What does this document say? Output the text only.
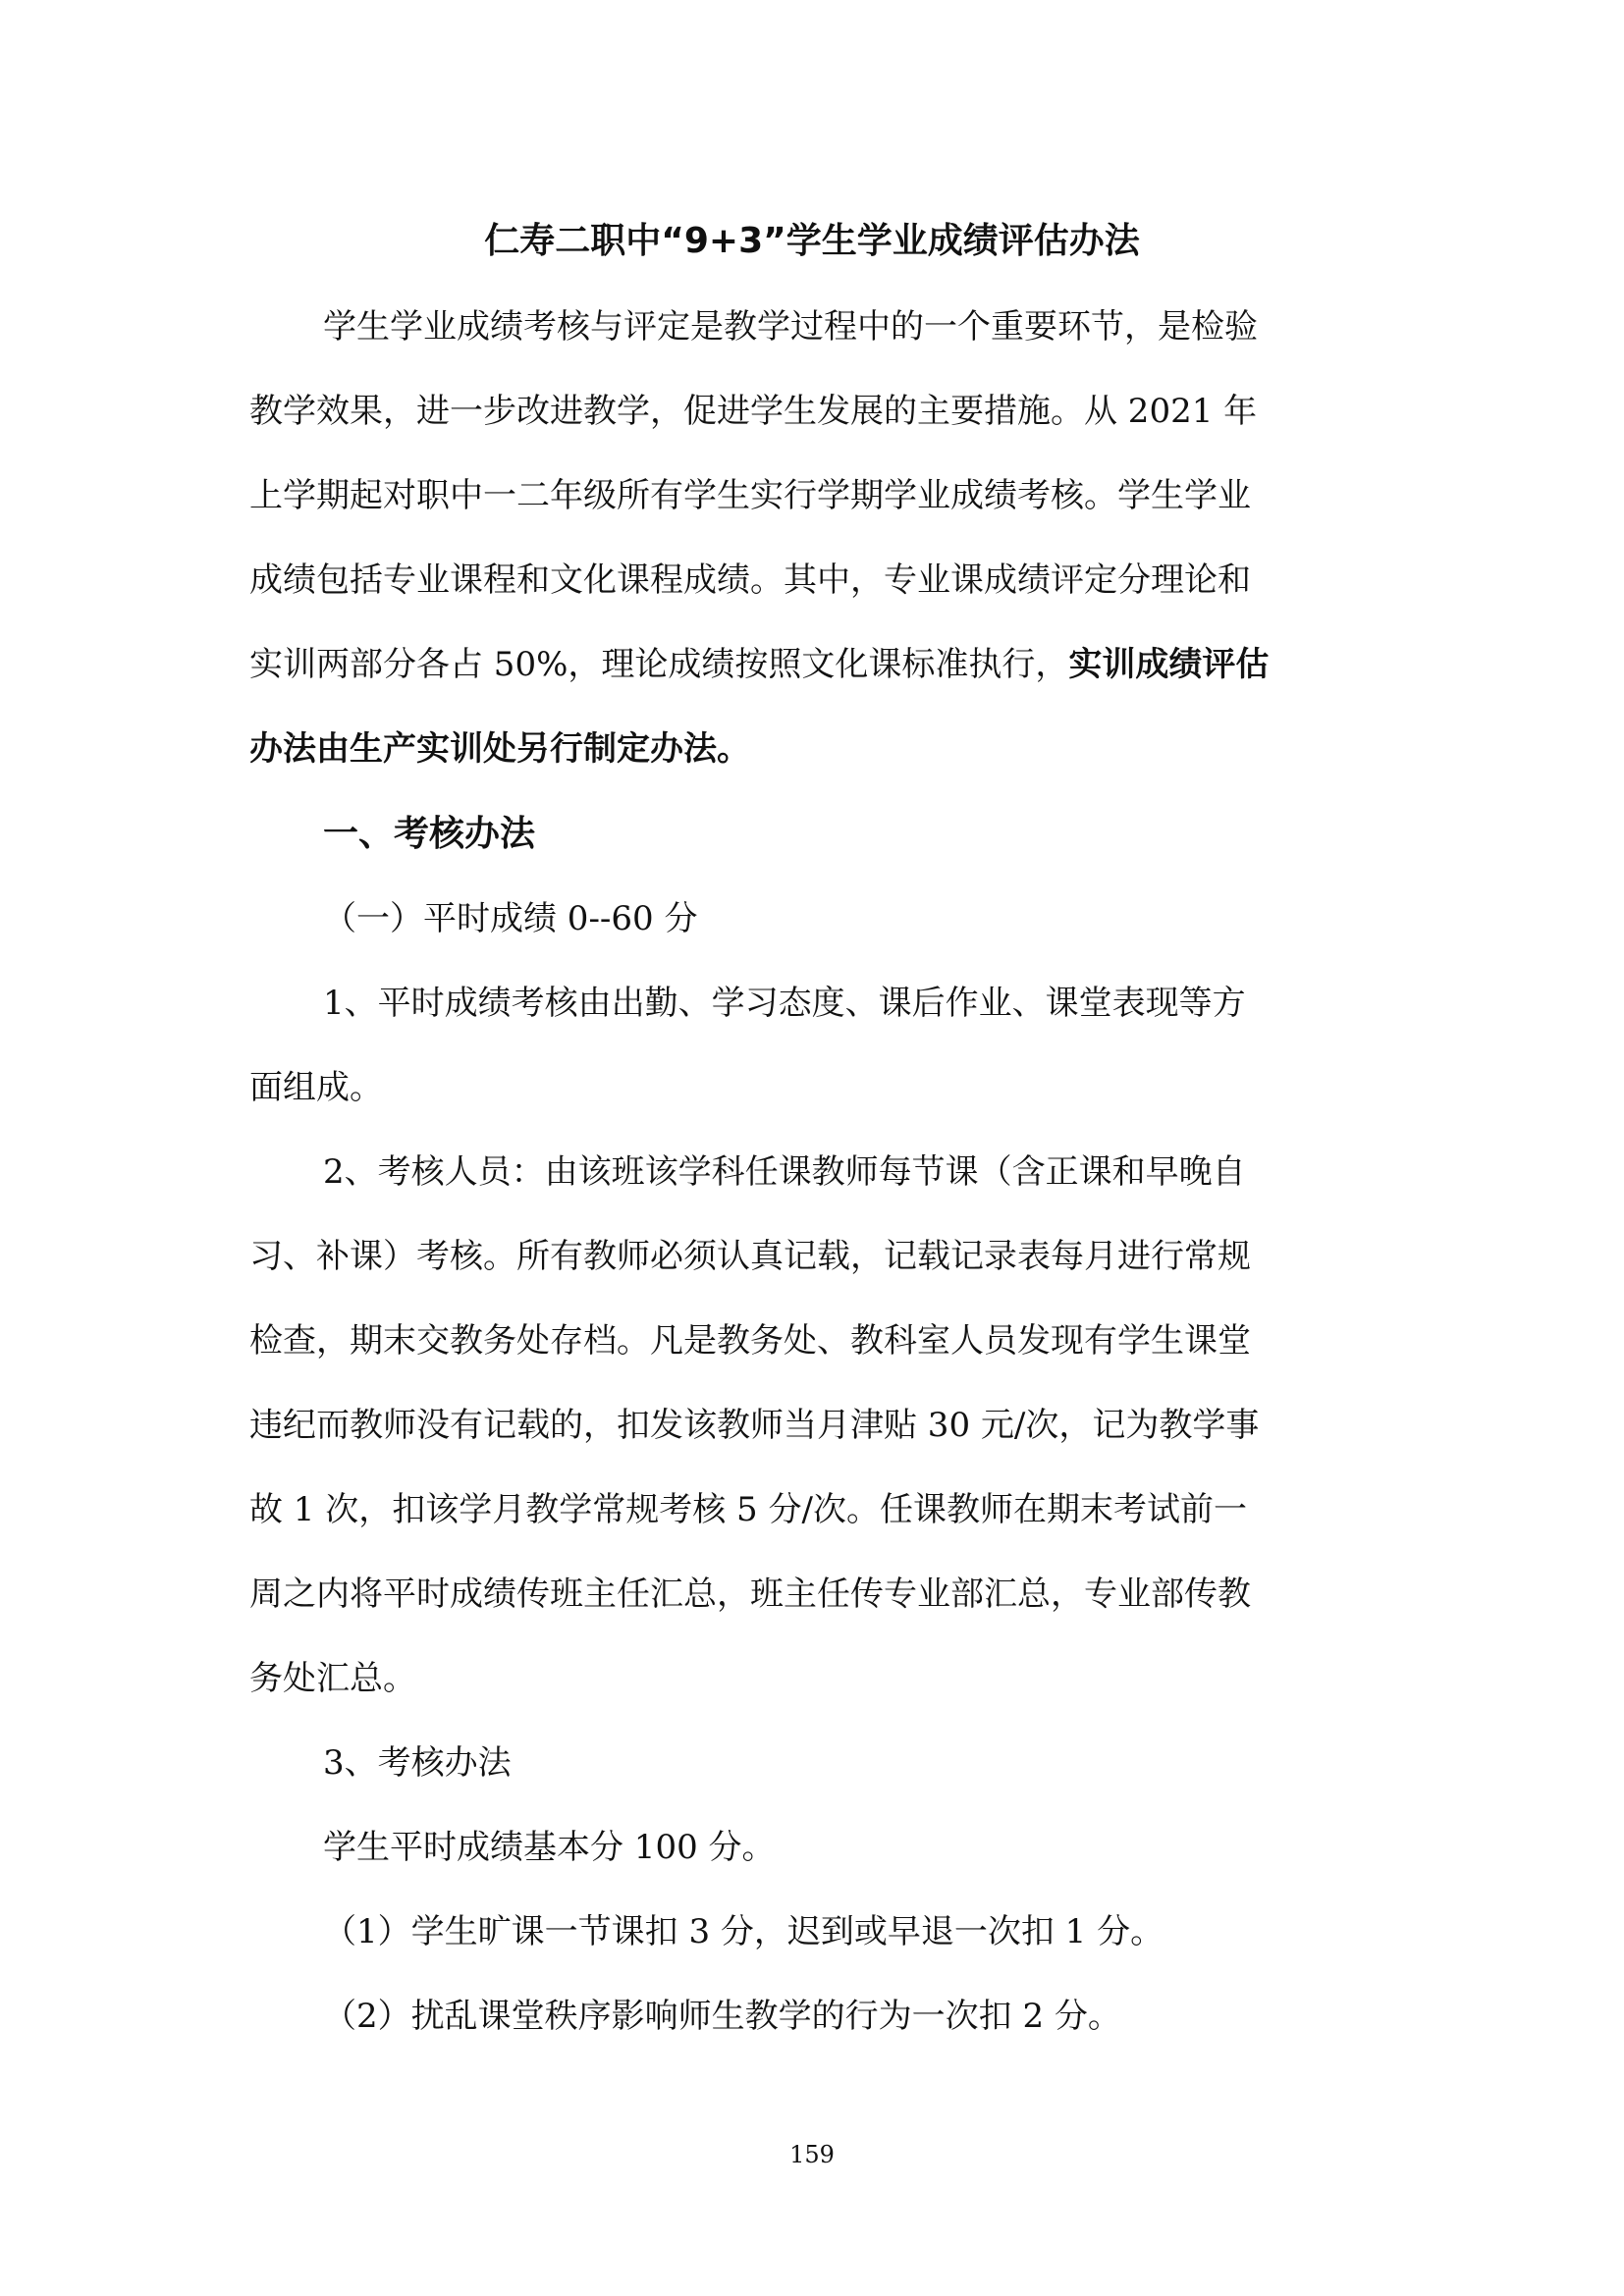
仁寿二职中“9+3”学生学业成绩评估办法
学生学业成绩考核与评定是教学过程中的一个重要环节，是检验
教学效果，进一步改进教学，促进学生发展的主要措施。从 2021 年
上学期起对职中一二年级所有学生实行学期学业成绩考核。学生学业
成绩包括专业课程和文化课程成绩。其中，专业课成绩评定分理论和
实训两部分各占 50%，理论成绩按照文化课标准执行，实训成绩评估
办法由生产实训处另行制定办法。
一、考核办法
（一）平时成绩 0--60 分
1、平时成绩考核由出勤、学习态度、课后作业、课堂表现等方
面组成。
2、考核人员：由该班该学科任课教师每节课（含正课和早晚自
习、补课）考核。所有教师必须认真记载，记载记录表每月进行常规
检查，期末交教务处存档。凡是教务处、教科室人员发现有学生课堂
违纪而教师没有记载的，扣发该教师当月津贴 30 元/次，记为教学事
故 1 次，扣该学月教学常规考核 5 分/次。任课教师在期末考试前一
周之内将平时成绩传班主任汇总，班主任传专业部汇总，专业部传教
务处汇总。
3、考核办法
学生平时成绩基本分 100 分。
（1）学生旷课一节课扣 3 分，迟到或早退一次扣 1 分。
（2）扰乱课堂秩序影响师生教学的行为一次扣 2 分。
159
